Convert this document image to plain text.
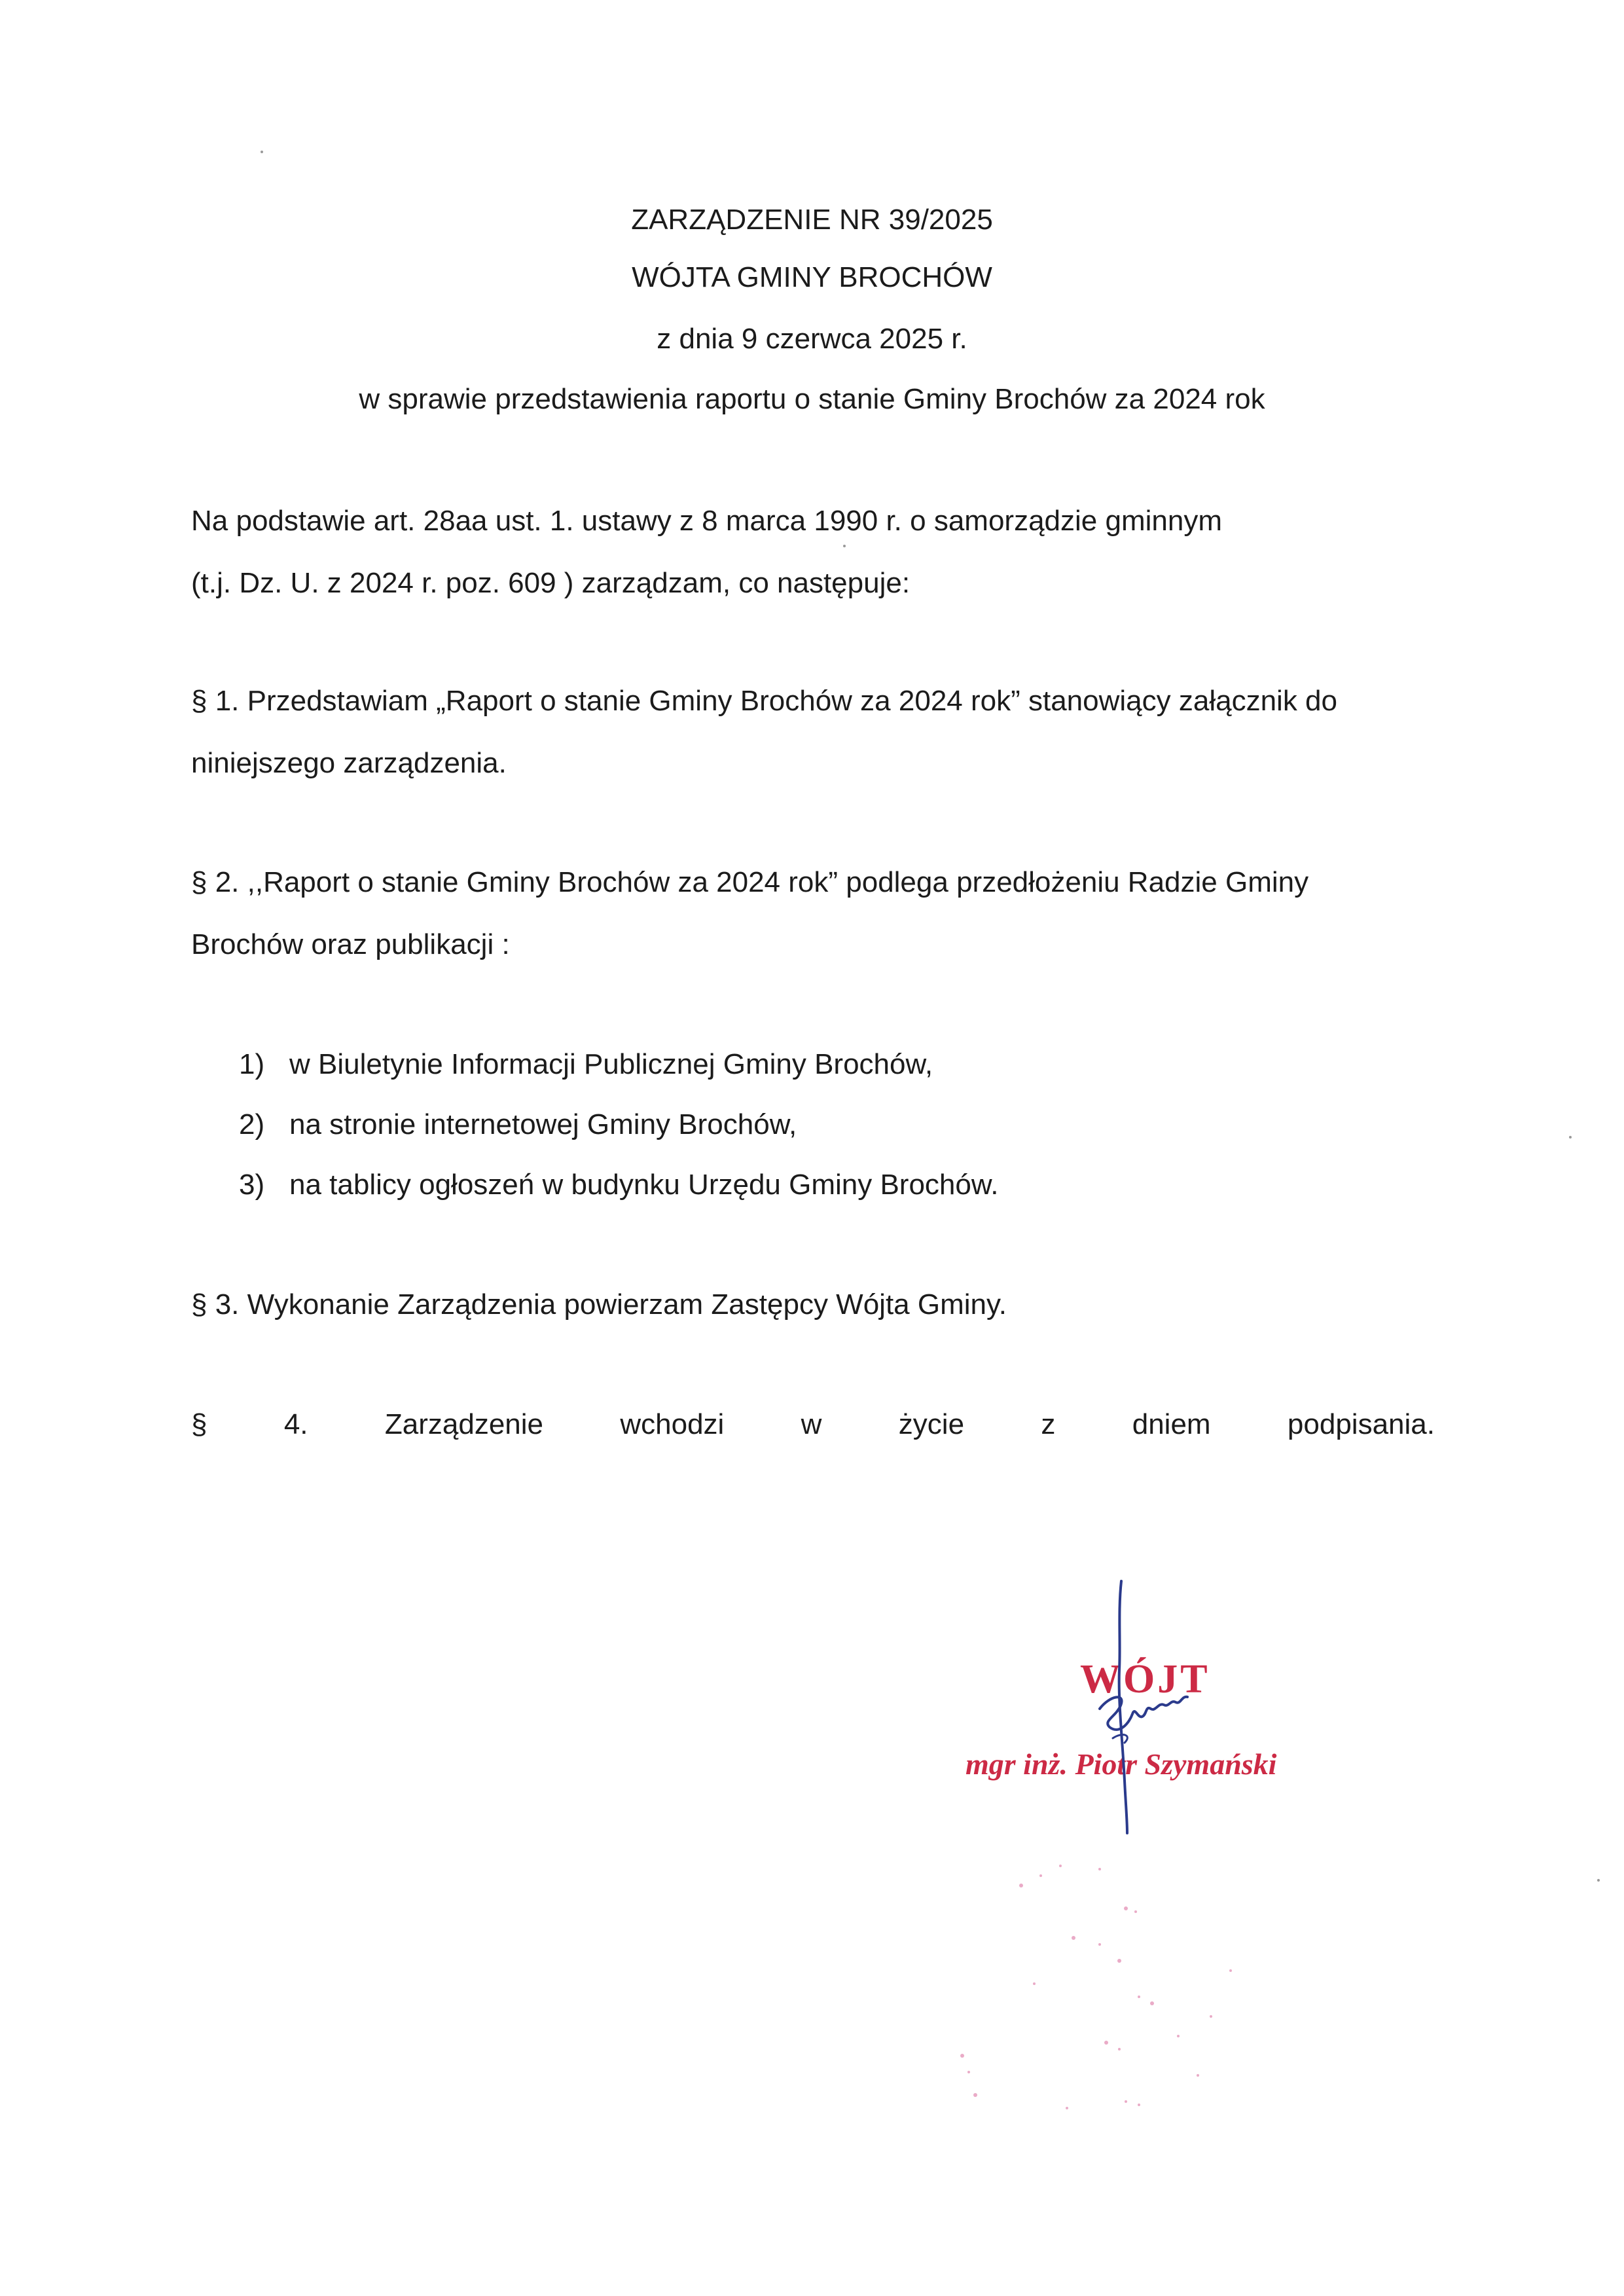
ZARZĄDZENIE NR 39/2025
WÓJTA GMINY BROCHÓW
z dnia 9 czerwca 2025 r.
w sprawie przedstawienia raportu o stanie Gminy Brochów za 2024 rok
Na podstawie art. 28aa ust. 1. ustawy z 8 marca 1990 r. o samorządzie gminnym
(t.j. Dz. U. z 2024 r. poz. 609 ) zarządzam, co następuje:
§ 1. Przedstawiam „Raport o stanie Gminy Brochów za 2024 rok” stanowiący załącznik do
niniejszego zarządzenia.
§ 2. ,,Raport o stanie Gminy Brochów za 2024 rok” podlega przedłożeniu Radzie Gminy
Brochów oraz publikacji :
1) w Biuletynie Informacji Publicznej Gminy Brochów,
2) na stronie internetowej Gminy Brochów,
3) na tablicy ogłoszeń w budynku Urzędu Gminy Brochów.
§ 3. Wykonanie Zarządzenia powierzam Zastępcy Wójta Gminy.
§	4.	Zarządzenie	wchodzi	w	życie	z	dniem	podpisania.
WÓJT
mgr inż. Piotr Szymański
